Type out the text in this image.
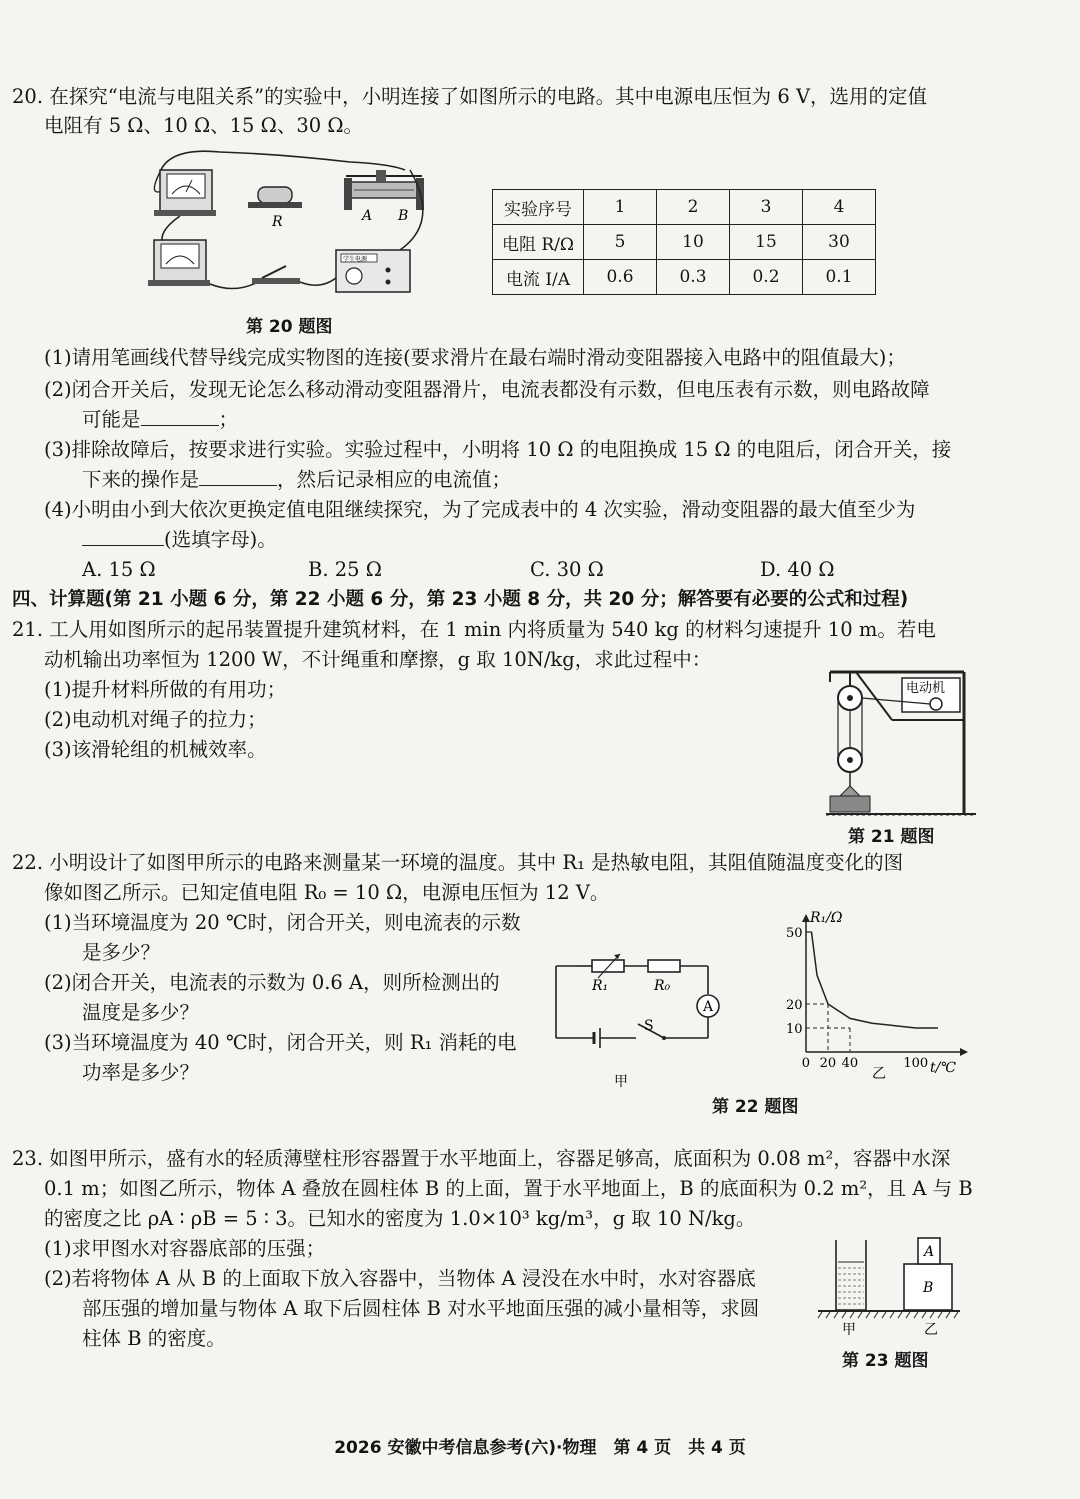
20. 在探究“电流与电阻关系”的实验中，小明连接了如图所示的电路。其中电源电压恒为 6 V，选用的定值
电阻有 5 Ω、10 Ω、15 Ω、30 Ω。
R	A B
学生电源
实验序号	1	2	3	4
电阻 R/Ω	5	10	15	30
电流 I/A	0.6	0.3	0.2	0.1
第 20 题图
(1)请用笔画线代替导线完成实物图的连接(要求滑片在最右端时滑动变阻器接入电路中的阻值最大)；
(2)闭合开关后，发现无论怎么移动滑动变阻器滑片，电流表都没有示数，但电压表有示数，则电路故障
可能是	；
(3)排除故障后，按要求进行实验。实验过程中，小明将 10 Ω 的电阻换成 15 Ω 的电阻后，闭合开关，接
下来的操作是	，然后记录相应的电流值；
(4)小明由小到大依次更换定值电阻继续探究，为了完成表中的 4 次实验，滑动变阻器的最大值至少为
(选填字母)。
A. 15 Ω	B. 25 Ω	C. 30 Ω	D. 40 Ω
四、计算题(第 21 小题 6 分，第 22 小题 6 分，第 23 小题 8 分，共 20 分；解答要有必要的公式和过程)
21. 工人用如图所示的起吊装置提升建筑材料，在 1 min 内将质量为 540 kg 的材料匀速提升 10 m。若电
动机输出功率恒为 1200 W，不计绳重和摩擦，g 取 10N/kg，求此过程中：
(1)提升材料所做的有用功；
(2)电动机对绳子的拉力；
(3)该滑轮组的机械效率。
电动机
第 21 题图
22. 小明设计了如图甲所示的电路来测量某一环境的温度。其中 R₁ 是热敏电阻，其阻值随温度变化的图
像如图乙所示。已知定值电阻 R₀ = 10 Ω，电源电压恒为 12 V。
(1)当环境温度为 20 ℃时，闭合开关，则电流表的示数
是多少？
(2)闭合开关，电流表的示数为 0.6 A，则所检测出的
温度是多少？
(3)当环境温度为 40 ℃时，闭合开关，则 R₁ 消耗的电
功率是多少？
A
S
R₁	R₀
甲
R₁/Ω
t/℃
乙
0 20 40	100
10
20
50
第 22 题图
23. 如图甲所示，盛有水的轻质薄壁柱形容器置于水平地面上，容器足够高，底面积为 0.08 m²，容器中水深
0.1 m；如图乙所示，物体 A 叠放在圆柱体 B 的上面，置于水平地面上，B 的底面积为 0.2 m²，且 A 与 B
的密度之比 ρA ∶ ρB = 5 ∶ 3。已知水的密度为 1.0×10³ kg/m³，g 取 10 N/kg。
(1)求甲图水对容器底部的压强；
(2)若将物体 A 从 B 的上面取下放入容器中，当物体 A 浸没在水中时，水对容器底
部压强的增加量与物体 A 取下后圆柱体 B 对水平地面压强的减小量相等，求圆
柱体 B 的密度。
A
B
甲	乙
第 23 题图
2026 安徽中考信息参考(六)·物理　第 4 页　共 4 页
